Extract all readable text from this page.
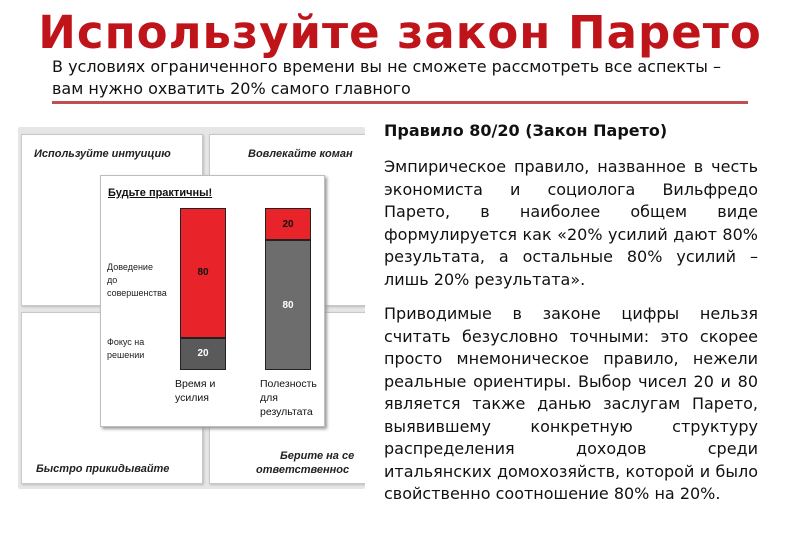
Используйте закон Парето
В условиях ограниченного времени вы не сможете рассмотреть все аспекты – вам нужно охватить 20% самого главного
Используйте интуицию	Вовлекайте коман
Быстро прикидывайте
Берите на се
ответственнос
Будьте практичны!
Доведение
до
совершенства
Фокус на
решении	20
80
80
20
Время и
усилия
Полезность
для
результата
Правило 80/20 (Закон Парето)

Эмпирическое правило, названное в честь экономиста и социолога Вильфредо Парето, в наиболее общем виде формулируется как «20% усилий дают 80% результата, а остальные 80% усилий – лишь 20% результата».

Приводимые в законе цифры нельзя считать безусловно точными: это скорее просто мнемоническое правило, нежели реальные ориентиры. Выбор чисел 20 и 80 является также данью заслугам Парето, выявившему конкретную структуру распределения доходов среди итальянских домохозяйств, которой и было свойственно соотношение 80% на 20%.
